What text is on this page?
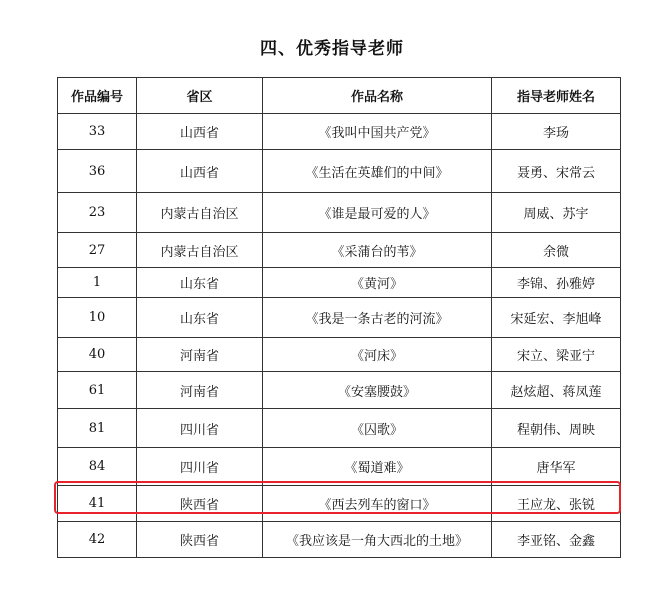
四、优秀指导老师
作品编号	省区	作品名称	指导老师姓名
33	山西省	《我叫中国共产党》	李玚
36	山西省	《生活在英雄们的中间》	聂勇、宋常云
23	内蒙古自治区	《谁是最可爱的人》	周威、苏宇
27	内蒙古自治区	《采蒲台的苇》	余微
1	山东省	《黄河》	李锦、孙雅婷
10	山东省	《我是一条古老的河流》	宋延宏、李旭峰
40	河南省	《河床》	宋立、梁亚宁
61	河南省	《安塞腰鼓》	赵炫超、蒋凤莲
81	四川省	《囚歌》	程朝伟、周映
84	四川省	《蜀道难》	唐华军
41	陕西省	《西去列车的窗口》	王应龙、张锐
42	陕西省	《我应该是一角大西北的土地》	李亚铭、金鑫
